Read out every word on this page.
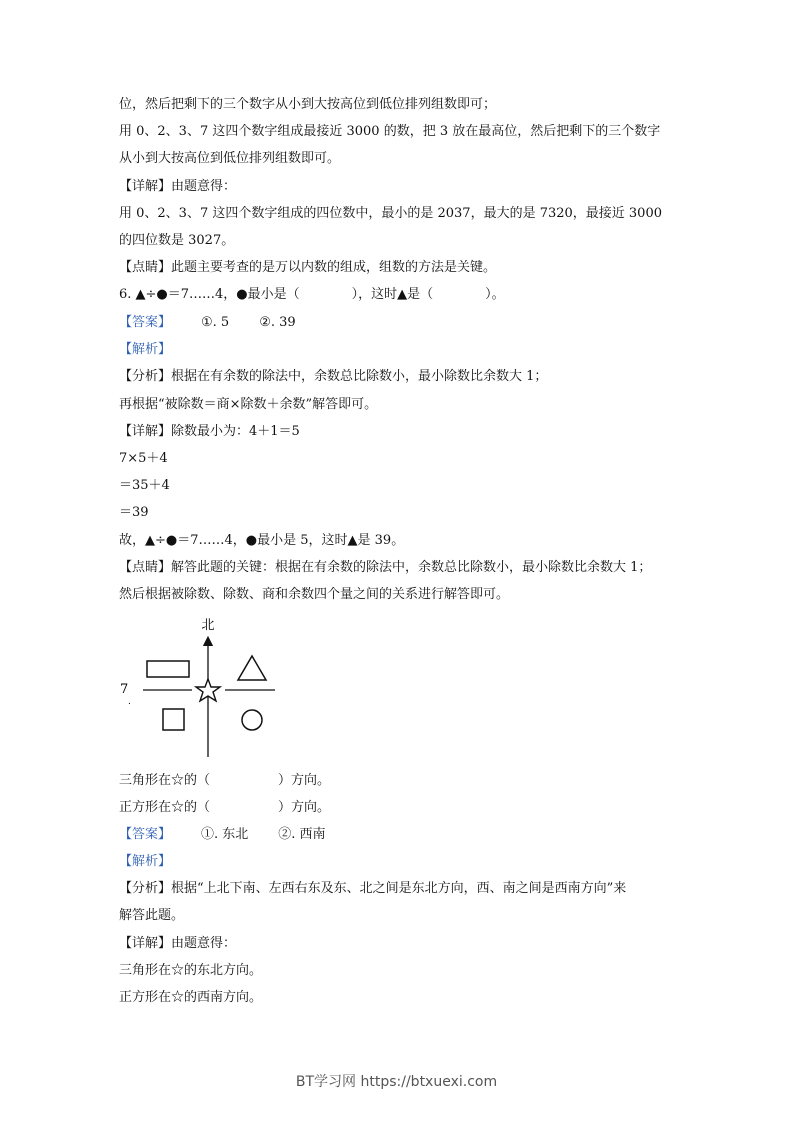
位，然后把剩下的三个数字从小到大按高位到低位排列组数即可；
用 0、2、3、7 这四个数字组成最接近 3000 的数，把 3 放在最高位，然后把剩下的三个数字
从小到大按高位到低位排列组数即可。
【详解】由题意得：
用 0、2、3、7 这四个数字组成的四位数中，最小的是 2037，最大的是 7320，最接近 3000
的四位数是 3027。
【点睛】此题主要考查的是万以内数的组成，组数的方法是关键。
6. ▲÷●＝7……4，●最小是（	），这时▲是（	）。
【答案】 ①. 5 ②. 39
【解析】
【分析】根据在有余数的除法中，余数总比除数小，最小除数比余数大 1；
再根据“被除数＝商×除数＋余数”解答即可。
【详解】除数最小为：4＋1＝5
7×5＋4
＝35＋4
＝39
故，▲÷●＝7……4，●最小是 5，这时▲是 39。
【点睛】解答此题的关键：根据在有余数的除法中，余数总比除数小，最小除数比余数大 1；
然后根据被除数、除数、商和余数四个量之间的关系进行解答即可。
北
7
.
三角形在☆的（	）方向。
正方形在☆的（	）方向。
【答案】 ①. 东北 ②. 西南
【解析】
【分析】根据“上北下南、左西右东及东、北之间是东北方向，西、南之间是西南方向”来
解答此题。
【详解】由题意得：
三角形在☆的东北方向。
正方形在☆的西南方向。
BT学习网 https://btxuexi.com
